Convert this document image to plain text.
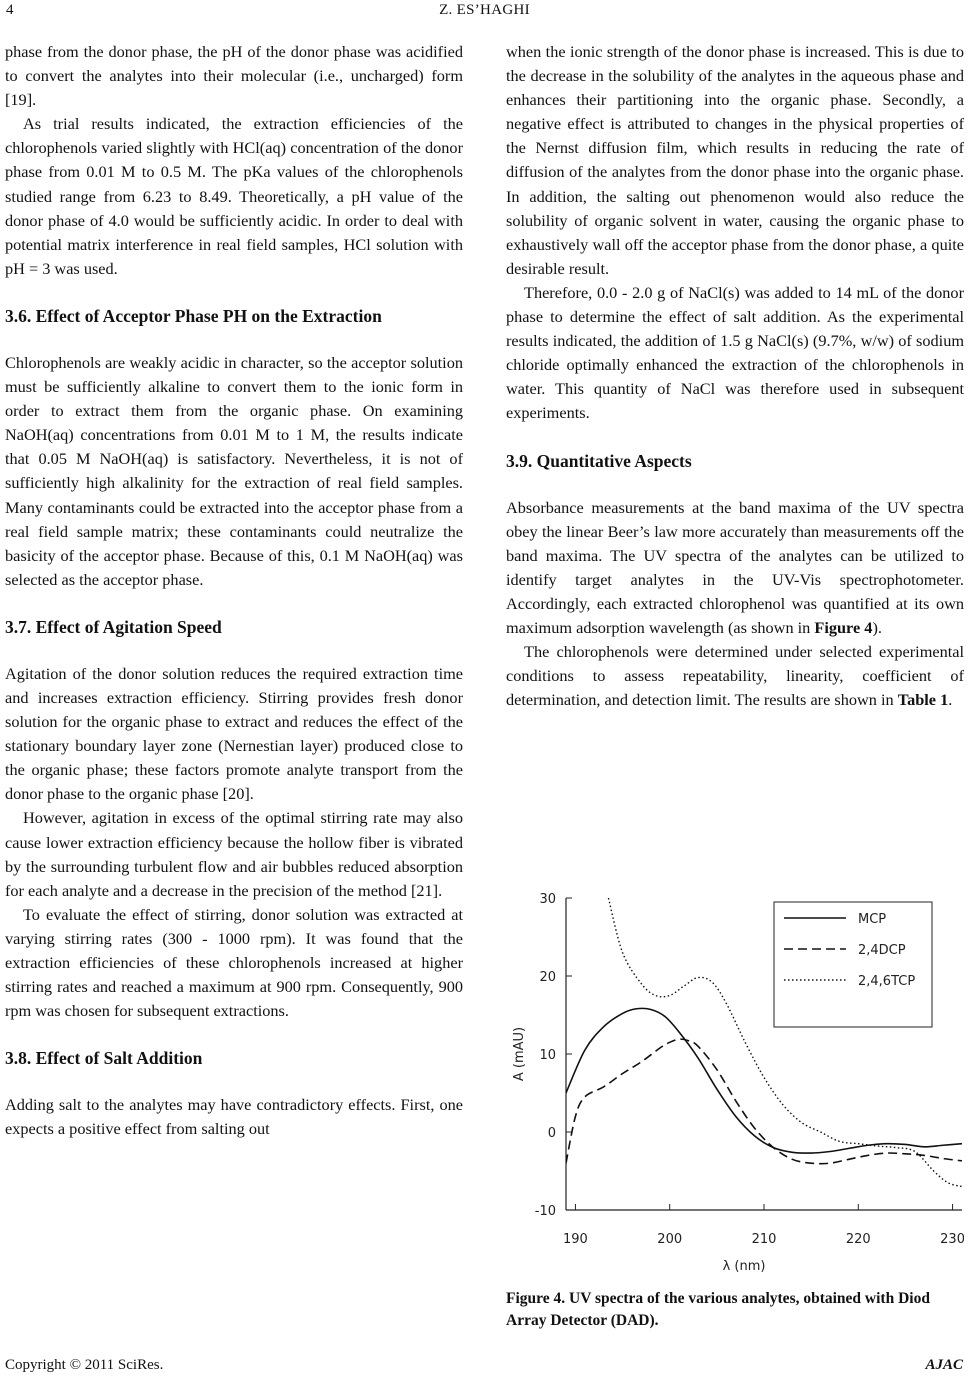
4	Z. ES’HAGHI

phase from the donor phase, the pH of the donor phase was acidified to convert the analytes into their molecular (i.e., uncharged) form [19].

As trial results indicated, the extraction efficiencies of the chlorophenols varied slightly with HCl(aq) concentration of the donor phase from 0.01 M to 0.5 M. The pKa values of the chlorophenols studied range from 6.23 to 8.49. Theoretically, a pH value of the donor phase of 4.0 would be sufficiently acidic. In order to deal with potential matrix interference in real field samples, HCl solution with pH = 3 was used.

3.6. Effect of Acceptor Phase PH on the Extraction

Chlorophenols are weakly acidic in character, so the acceptor solution must be sufficiently alkaline to convert them to the ionic form in order to extract them from the organic phase. On examining NaOH(aq) concentrations from 0.01 M to 1 M, the results indicate that 0.05 M NaOH(aq) is satisfactory. Nevertheless, it is not of sufficiently high alkalinity for the extraction of real field samples. Many contaminants could be extracted into the acceptor phase from a real field sample matrix; these contaminants could neutralize the basicity of the acceptor phase. Because of this, 0.1 M NaOH(aq) was selected as the acceptor phase.

3.7. Effect of Agitation Speed

Agitation of the donor solution reduces the required extraction time and increases extraction efficiency. Stirring provides fresh donor solution for the organic phase to extract and reduces the effect of the stationary boundary layer zone (Nernestian layer) produced close to the organic phase; these factors promote analyte transport from the donor phase to the organic phase [20].

However, agitation in excess of the optimal stirring rate may also cause lower extraction efficiency because the hollow fiber is vibrated by the surrounding turbulent flow and air bubbles reduced absorption for each analyte and a decrease in the precision of the method [21].

To evaluate the effect of stirring, donor solution was extracted at varying stirring rates (300 - 1000 rpm). It was found that the extraction efficiencies of these chlorophenols increased at higher stirring rates and reached a maximum at 900 rpm. Consequently, 900 rpm was chosen for subsequent extractions.

3.8. Effect of Salt Addition

Adding salt to the analytes may have contradictory effects. First, one expects a positive effect from salting out

when the ionic strength of the donor phase is increased. This is due to the decrease in the solubility of the analytes in the aqueous phase and enhances their partitioning into the organic phase. Secondly, a negative effect is attributed to changes in the physical properties of the Nernst diffusion film, which results in reducing the rate of diffusion of the analytes from the donor phase into the organic phase. In addition, the salting out phenomenon would also reduce the solubility of organic solvent in water, causing the organic phase to exhaustively wall off the acceptor phase from the donor phase, a quite desirable result.

Therefore, 0.0 - 2.0 g of NaCl(s) was added to 14 mL of the donor phase to determine the effect of salt addition. As the experimental results indicated, the addition of 1.5 g NaCl(s) (9.7%, w/w) of sodium chloride optimally enhanced the extraction of the chlorophenols in water. This quantity of NaCl was therefore used in subsequent experiments.

3.9. Quantitative Aspects

Absorbance measurements at the band maxima of the UV spectra obey the linear Beer’s law more accurately than measurements off the band maxima. The UV spectra of the analytes can be utilized to identify target analytes in the UV-Vis spectrophotometer. Accordingly, each extracted chlorophenol was quantified at its own maximum adsorption wavelength (as shown in Figure 4).

The chlorophenols were determined under selected experimental conditions to assess repeatability, linearity, coefficient of determination, and detection limit. The results are shown in Table 1.

30
20
10
0
-10
190	200	210	220	230
λ (nm)
A (mAU)
MCP
2,4DCP
2,4,6TCP
Figure 4. UV spectra of the various analytes, obtained with Diod Array Detector (DAD).
Copyright © 2011 SciRes.	AJAC
